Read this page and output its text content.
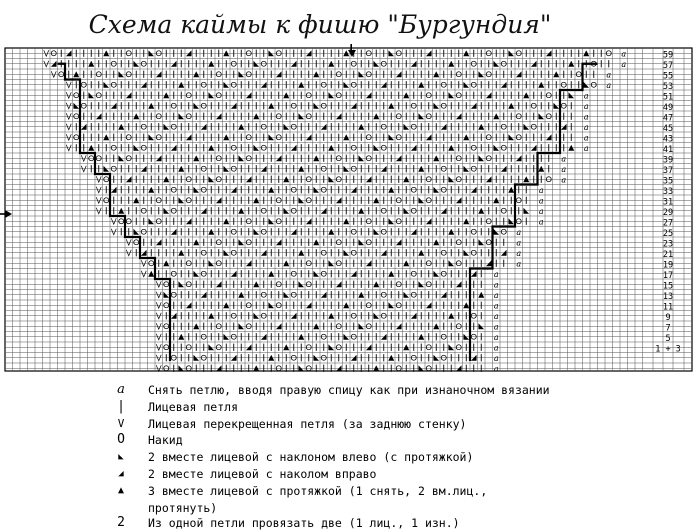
Схема каймы к фишю "Бургундия"
a
a
a
a
a
a
a
a
a
a
a
a
a
a
a
a
a
a
a
a
a
a
a
a
a
a
a
a
a
a
a
59
57
55
53
51
49
47
45
43
41
39
37
35
33
31
29
27
25
23
21
19
17
15
13
11
9
7
5
1 + 3
a	Снять петлю, вводя правую спицу как при изнаночном вязании
|	Лицевая петля
V	Лицевая перекрещенная петля (за заднюю стенку)
O	Накид
◣	2 вместе лицевой с наклоном влево (с протяжкой)
◢	2 вместе лицевой с наколом вправо
▲	3 вместе лицевой с протяжкой (1 снять, 2 вм.лиц.,
протянуть)
2	Из одной петли провязать две (1 лиц., 1 изн.)
